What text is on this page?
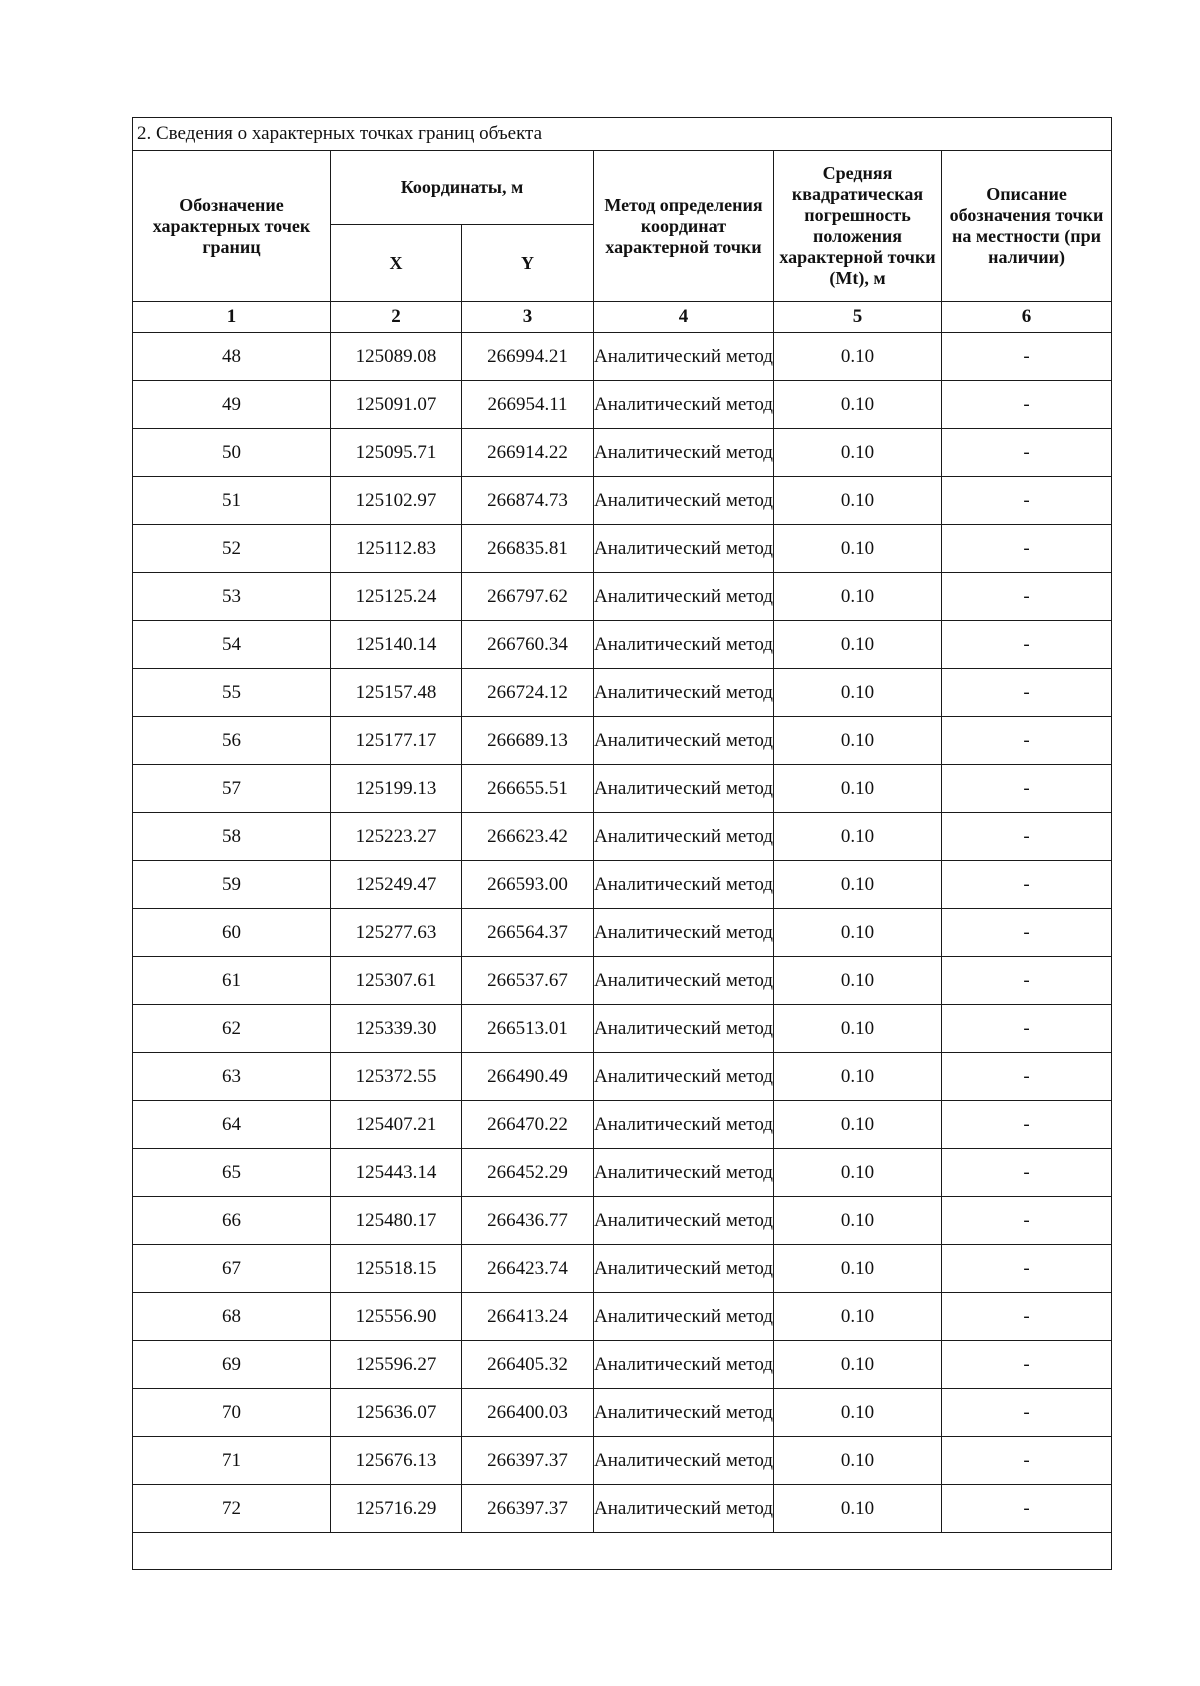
2. Сведения о характерных точках границ объекта					
Обозначение характерных точек границ	Координаты, м		Метод определения координат характерной точки	Средняя квадратическая погрешность положения характерной точки (Mt), м	Описание обозначения точки на местности (при наличии)
	X	Y			
1	2	3	4	5	6
48	125089.08	266994.21	Аналитический метод	0.10	-
49	125091.07	266954.11	Аналитический метод	0.10	-
50	125095.71	266914.22	Аналитический метод	0.10	-
51	125102.97	266874.73	Аналитический метод	0.10	-
52	125112.83	266835.81	Аналитический метод	0.10	-
53	125125.24	266797.62	Аналитический метод	0.10	-
54	125140.14	266760.34	Аналитический метод	0.10	-
55	125157.48	266724.12	Аналитический метод	0.10	-
56	125177.17	266689.13	Аналитический метод	0.10	-
57	125199.13	266655.51	Аналитический метод	0.10	-
58	125223.27	266623.42	Аналитический метод	0.10	-
59	125249.47	266593.00	Аналитический метод	0.10	-
60	125277.63	266564.37	Аналитический метод	0.10	-
61	125307.61	266537.67	Аналитический метод	0.10	-
62	125339.30	266513.01	Аналитический метод	0.10	-
63	125372.55	266490.49	Аналитический метод	0.10	-
64	125407.21	266470.22	Аналитический метод	0.10	-
65	125443.14	266452.29	Аналитический метод	0.10	-
66	125480.17	266436.77	Аналитический метод	0.10	-
67	125518.15	266423.74	Аналитический метод	0.10	-
68	125556.90	266413.24	Аналитический метод	0.10	-
69	125596.27	266405.32	Аналитический метод	0.10	-
70	125636.07	266400.03	Аналитический метод	0.10	-
71	125676.13	266397.37	Аналитический метод	0.10	-
72	125716.29	266397.37	Аналитический метод	0.10	-
